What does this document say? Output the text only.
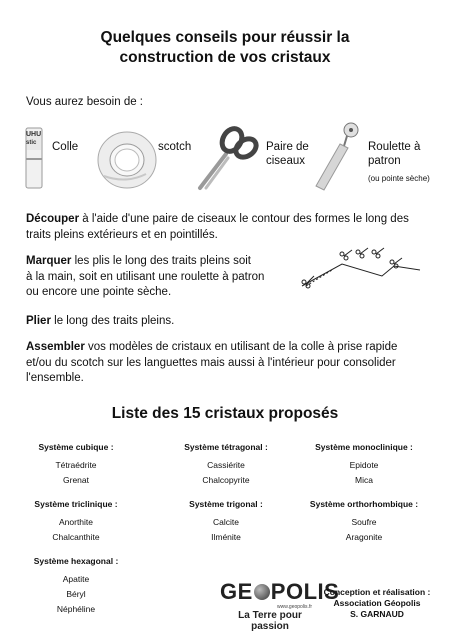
Quelques conseils pour réussir la
construction de vos cristaux
Vous aurez besoin de :
UHU
stic	Colle	scotch	Paire de
ciseaux
Roulette à
patron
(ou pointe sèche)
Découper à l'aide d'une paire de ciseaux le contour des formes le long des traits pleins extérieurs et en pointillés.
Marquer les plis le long des traits pleins soit
à la main, soit en utilisant une roulette à patron
ou encore une pointe sèche.
Plier le long des traits pleins.
Assembler vos modèles de cristaux en utilisant de la colle à prise rapide et/ou du scotch sur les languettes mais aussi à l'intérieur pour consolider l'ensemble.
Liste des 15 cristaux proposés
Système cubique :
Tétraédrite
Grenat
Système tétragonal :
Cassiérite
Chalcopyrite
Système monoclinique :
Epidote
Mica
Système triclinique :
Anorthite
Chalcanthite
Système trigonal :
Calcite
Ilménite
Système orthorhombique :
Soufre
Aragonite
Système hexagonal :
Apatite
Béryl
Néphéline
GE POLIS
www.geopolis.fr
La Terre pour passion
Conception et réalisation :
Association Géopolis
S. GARNAUD
